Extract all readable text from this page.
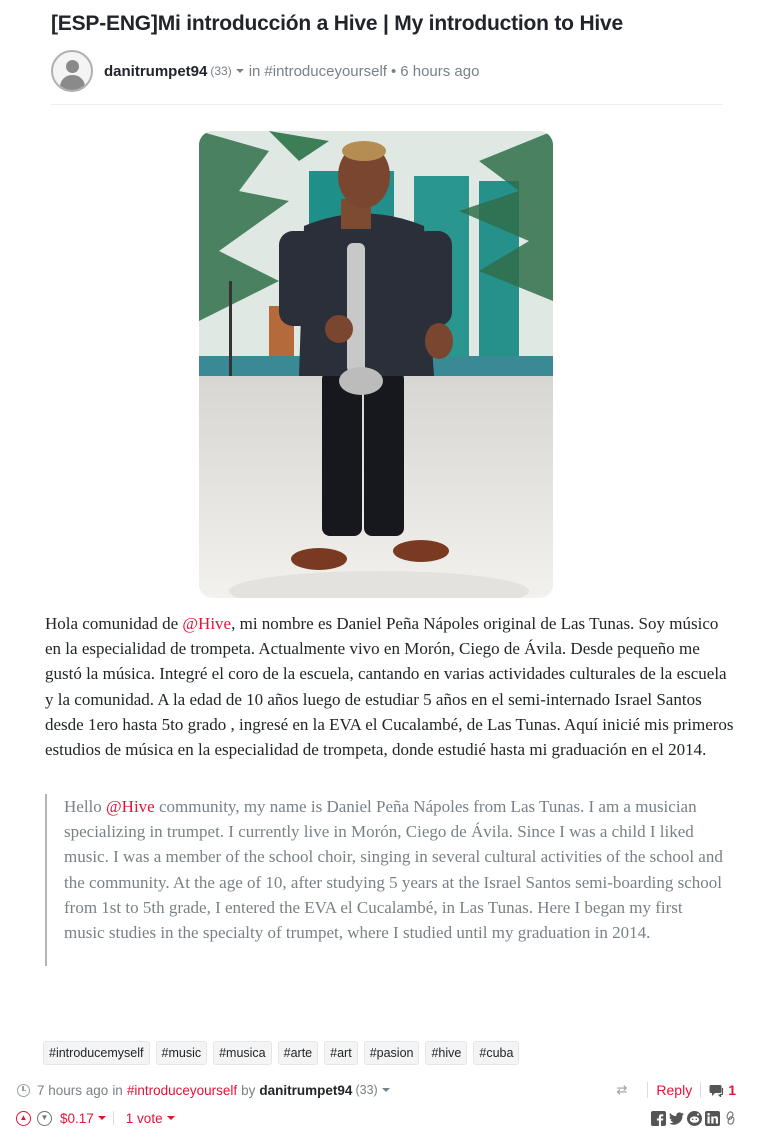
[ESP-ENG]Mi introducción a Hive | My introduction to Hive
danitrumpet94 (33) in #introduceyourself • 6 hours ago
Hola comunidad de @Hive, mi nombre es Daniel Peña Nápoles original de Las Tunas. Soy músico en la especialidad de trompeta. Actualmente vivo en Morón, Ciego de Ávila. Desde pequeño me gustó la música. Integré el coro de la escuela, cantando en varias actividades culturales de la escuela y la comunidad. A la edad de 10 años luego de estudiar 5 años en el semi-internado Israel Santos desde 1ero hasta 5to grado , ingresé en la EVA el Cucalambé, de Las Tunas. Aquí inicié mis primeros estudios de música en la especialidad de trompeta, donde estudié hasta mi graduación en el 2014.
Hello @Hive community, my name is Daniel Peña Nápoles from Las Tunas. I am a musician specializing in trumpet. I currently live in Morón, Ciego de Ávila. Since I was a child I liked music. I was a member of the school choir, singing in several cultural activities of the school and the community. At the age of 10, after studying 5 years at the Israel Santos semi-boarding school from 1st to 5th grade, I entered the EVA el Cucalambé, in Las Tunas. Here I began my first music studies in the specialty of trumpet, where I studied until my graduation in 2014.
#introducemyself	#music	#musica	#arte	#art	#pasion	#hive	#cuba
7 hours ago in #introduceyourself by danitrumpet94 (33)	⇄ Reply	1
▲	▼ $0.17 1 vote
